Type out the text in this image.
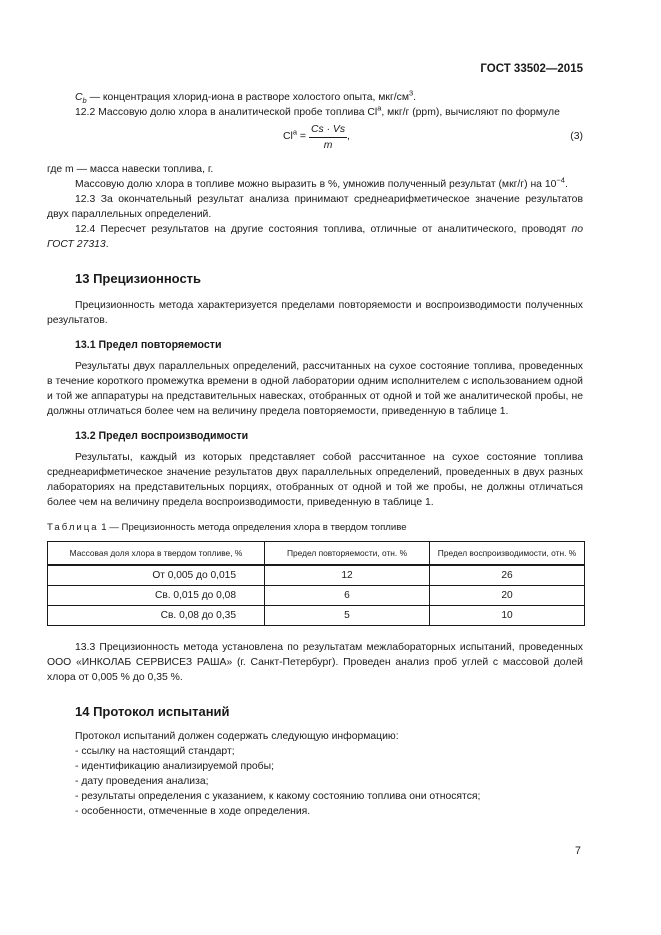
ГОСТ 33502—2015

$C_b$ — концентрация хлорид-иона в растворе холостого опыта, мкг/$см^3$.

12.2 Массовую долю хлора в аналитической пробе топлива Cl$^a$, мкг/г (ppm), вычисляют по формуле

$Cl^a = \frac{Cs \cdot Vs}{m}$ ,	(3)

где m — масса навески топлива, г.

Массовую долю хлора в топливе можно выразить в %, умножив полученный результат (мкг/г) на $10^{-4}$.

12.3 За окончательный результат анализа принимают среднеарифметическое значение результатов двух параллельных определений.

12.4 Пересчет результатов на другие состояния топлива, отличные от аналитического, проводят по ГОСТ 27313.

13 Прецизионность

Прецизионность метода характеризуется пределами повторяемости и воспроизводимости полученных результатов.

13.1 Предел повторяемости

Результаты двух параллельных определений, рассчитанных на сухое состояние топлива, проведенных в течение короткого промежутка времени в одной лаборатории одним исполнителем с использованием одной и той же аппаратуры на представительных навесках, отобранных от одной и той же аналитической пробы, не должны отличаться более чем на величину предела повторяемости, приведенную в таблице 1.

13.2 Предел воспроизводимости

Результаты, каждый из которых представляет собой рассчитанное на сухое состояние топлива среднеарифметическое значение результатов двух параллельных определений, проведенных в двух разных лабораториях на представительных порциях, отобранных от одной и той же пробы, не должны отличаться более чем на величину предела воспроизводимости, приведенную в таблице 1.

Таблица 1 — Прецизионность метода определения хлора в твердом топливе

Массовая доля хлора в твердом топливе, %	Предел повторяемости, отн. %	Предел воспроизводимости, отн. %
От 0,005 до 0,015	12	26
Св. 0,015 до 0,08	6	20
Св. 0,08 до 0,35	5	10

13.3 Прецизионность метода установлена по результатам межлабораторных испытаний, проведенных ООО «ИНКОЛАБ СЕРВИСЕЗ РАША» (г. Санкт-Петербург). Проведен анализ проб углей с массовой долей хлора от 0,005 % до 0,35 %.

14 Протокол испытаний

Протокол испытаний должен содержать следующую информацию:

- ссылку на настоящий стандарт;

- идентификацию анализируемой пробы;

- дату проведения анализа;

- результаты определения с указанием, к какому состоянию топлива они относятся;

- особенности, отмеченные в ходе определения.

7
